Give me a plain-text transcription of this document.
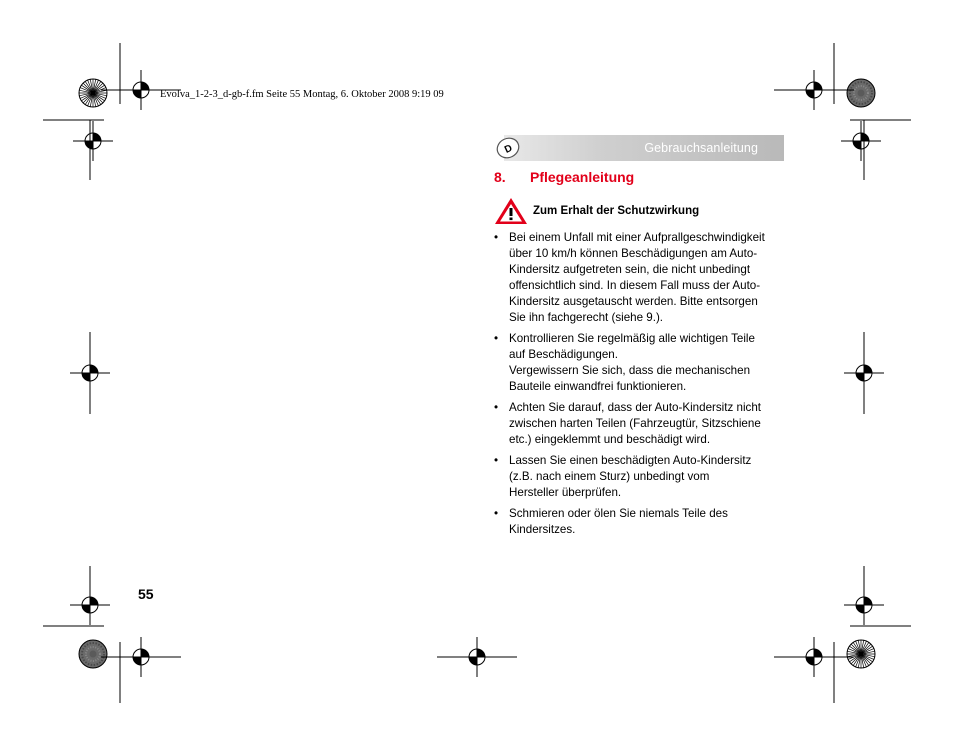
Evolva_1-2-3_d-gb-f.fm Seite 55 Montag, 6. Oktober 2008 9:19 09
D	Gebrauchsanleitung
8. Pflegeanleitung
Zum Erhalt der Schutzwirkung
• Bei einem Unfall mit einer Aufprallgeschwindigkeit
über 10 km/h können Beschädigungen am Auto-
Kindersitz aufgetreten sein, die nicht unbedingt
offensichtlich sind. In diesem Fall muss der Auto-
Kindersitz ausgetauscht werden. Bitte entsorgen
Sie ihn fachgerecht (siehe 9.).
• Kontrollieren Sie regelmäßig alle wichtigen Teile
auf Beschädigungen.
Vergewissern Sie sich, dass die mechanischen
Bauteile einwandfrei funktionieren.
• Achten Sie darauf, dass der Auto-Kindersitz nicht
zwischen harten Teilen (Fahrzeugtür, Sitzschiene
etc.) eingeklemmt und beschädigt wird.
• Lassen Sie einen beschädigten Auto-Kindersitz
(z.B. nach einem Sturz) unbedingt vom
Hersteller überprüfen.
• Schmieren oder ölen Sie niemals Teile des
Kindersitzes.
55
